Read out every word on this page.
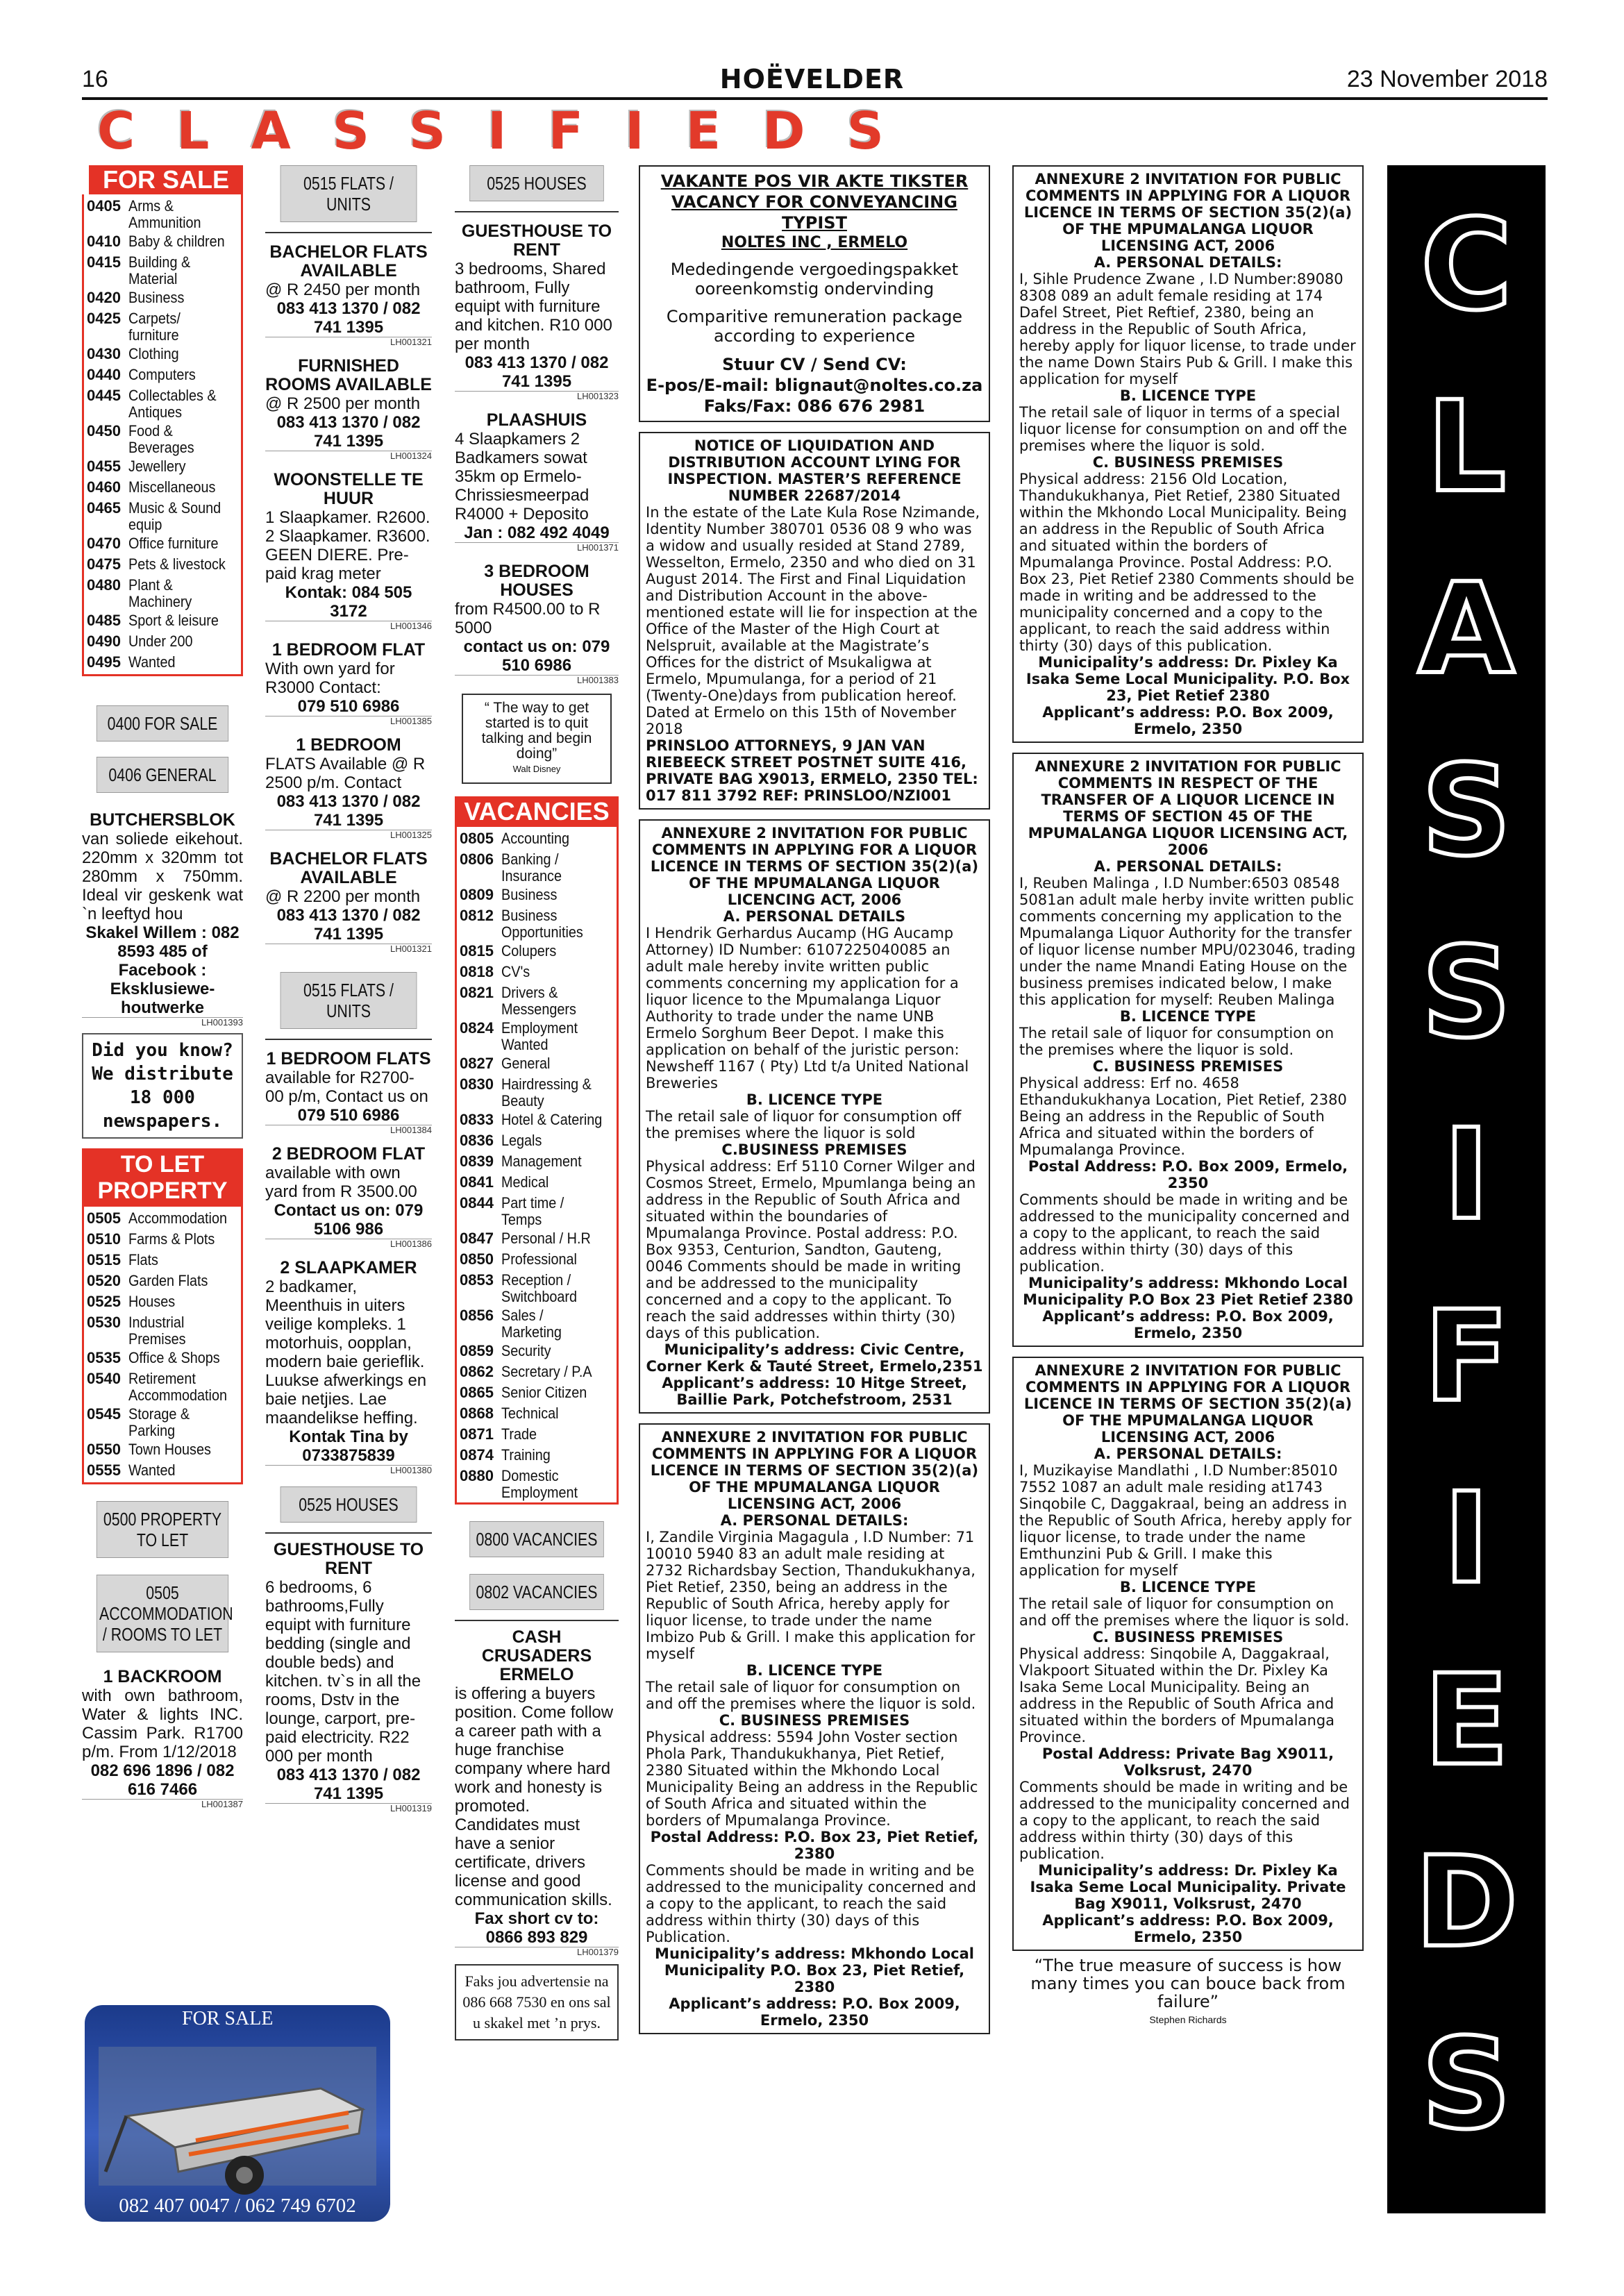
16	HOËVELDER	23 November 2018
CLASSIFIEDS
FOR SALE
0405 Arms & Ammunition
0410 Baby & children
0415 Building & Material
0420 Business
0425 Carpets/ furniture
0430 Clothing
0440 Computers
0445 Collectables & Antiques
0450 Food & Beverages
0455 Jewellery
0460 Miscellaneous
0465 Music & Sound equip
0470 Office furniture
0475 Pets & livestock
0480 Plant & Machinery
0485 Sport & leisure
0490 Under 200
0495 Wanted
0400 FOR SALE
0406 GENERAL
BUTCHERSBLOK
van soliede eikehout. 220mm x 320mm tot 280mm x 750mm. Ideal vir geskenk wat `n leeftyd hou
Skakel Willem : 082 8593 485 of Facebook : Eksklusiewe-houtwerke
LH001393
Did you know? We distribute 18 000 newspapers.
TO LET PROPERTY
0505 Accommodation
0510 Farms & Plots
0515 Flats
0520 Garden Flats
0525 Houses
0530 Industrial Premises
0535 Office & Shops
0540 Retirement Accommodation
0545 Storage & Parking
0550 Town Houses
0555 Wanted
0500 PROPERTY TO LET
0505 ACCOMMODATION / ROOMS TO LET
1 BACKROOM
with own bathroom, Water & lights INC. Cassim Park. R1700 p/m. From 1/12/2018
082 696 1896 / 082 616 7466
LH001387
FOR SALE
082 407 0047 / 062 749 6702
0515 FLATS / UNITS
BACHELOR FLATS AVAILABLE
@ R 2450 per month
083 413 1370 / 082 741 1395
LH001321
FURNISHED ROOMS AVAILABLE
@ R 2500 per month
083 413 1370 / 082 741 1395
LH001324
WOONSTELLE TE HUUR
1 Slaapkamer. R2600. 2 Slaapkamer. R3600. GEEN DIERE. Pre-paid krag meter
Kontak: 084 505 3172
LH001346
1 BEDROOM FLAT
With own yard for R3000 Contact:
079 510 6986
LH001385
1 BEDROOM
FLATS Available @ R 2500 p/m. Contact
083 413 1370 / 082 741 1395
LH001325
BACHELOR FLATS AVAILABLE
@ R 2200 per month
083 413 1370 / 082 741 1395
LH001321
0515 FLATS / UNITS
1 BEDROOM FLATS
available for R2700-00 p/m, Contact us on
079 510 6986
LH001384
2 BEDROOM FLAT
available with own yard from R 3500.00
Contact us on: 079 5106 986
LH001386
2 SLAAPKAMER
2 badkamer, Meenthuis in uiters veilige kompleks. 1 motorhuis, oopplan, modern baie gerieflik. Luukse afwerkings en baie netjies. Lae maandelikse heffing.
Kontak Tina by 0733875839
LH001380
0525 HOUSES
GUESTHOUSE TO RENT
6 bedrooms, 6 bathrooms,Fully equipt with furniture bedding (single and double beds) and kitchen. tv`s in all the rooms, Dstv in the lounge, carport, pre-paid electricity. R22 000 per month
083 413 1370 / 082 741 1395
LH001319
0525 HOUSES
GUESTHOUSE TO RENT
3 bedrooms, Shared bathroom, Fully equipt with furniture and kitchen. R10 000 per month
083 413 1370 / 082 741 1395
LH001323
PLAASHUIS
4 Slaapkamers 2 Badkamers sowat 35km op Ermelo-Chrissiesmeerpad R4000 + Deposito
Jan : 082 492 4049
LH001371
3 BEDROOM HOUSES
from R4500.00 to R 5000
contact us on: 079 510 6986
LH001383
“ The way to get started is to quit talking and begin doing”
Walt Disney
VACANCIES
0805 Accounting
0806 Banking / Insurance
0809 Business
0812 Business Opportunities
0815 Colupers
0818 CV's
0821 Drivers & Messengers
0824 Employment Wanted
0827 General
0830 Hairdressing & Beauty
0833 Hotel & Catering
0836 Legals
0839 Management
0841 Medical
0844 Part time / Temps
0847 Personal / H.R
0850 Professional
0853 Reception / Switchboard
0856 Sales / Marketing
0859 Security
0862 Secretary / P.A
0865 Senior Citizen
0868 Technical
0871 Trade
0874 Training
0880 Domestic Employment
0800 VACANCIES
0802 VACANCIES
CASH CRUSADERS ERMELO
is offering a buyers position. Come follow a career path with a huge franchise company where hard work and honesty is promoted. Candidates must have a senior certificate, drivers license and good communication skills.
Fax short cv to: 0866 893 829
LH001379
Faks jou advertensie na 086 668 7530 en ons sal u skakel met ’n prys.
VAKANTE POS VIR AKTE TIKSTER
VACANCY FOR CONVEYANCING TYPIST
NOLTES INC , ERMELO
Mededingende vergoedingspakket ooreenkomstig ondervinding
Comparitive remuneration package according to experience
Stuur CV / Send CV:
E-pos/E-mail: blignaut@noltes.co.za
Faks/Fax: 086 676 2981

NOTICE OF LIQUIDATION AND DISTRIBUTION ACCOUNT LYING FOR INSPECTION. MASTER’S REFERENCE NUMBER 22687/2014

In the estate of the Late Kula Rose Nzimande, Identity Number 380701 0536 08 9 who was a widow and usually resided at Stand 2789, Wesselton, Ermelo, 2350 and who died on 31 August 2014. The First and Final Liquidation and Distribution Account in the above-mentioned estate will lie for inspection at the Office of the Master of the High Court at Nelspruit, available at the Magistrate’s Offices for the district of Msukaligwa at Ermelo, Mpumulanga, for a period of 21 (Twenty-One)days from publication hereof.

Dated at Ermelo on this 15th of November 2018

PRINSLOO ATTORNEYS, 9 JAN VAN RIEBEECK STREET POSTNET SUITE 416, PRIVATE BAG X9013, ERMELO, 2350 TEL: 017 811 3792 REF: PRINSLOO/NZI001

ANNEXURE 2 INVITATION FOR PUBLIC COMMENTS IN APPLYING FOR A LIQUOR LICENCE IN TERMS OF SECTION 35(2)(a) OF THE MPUMALANGA LIQUOR LICENCING ACT, 2006

A. PERSONAL DETAILS

I Hendrik Gerhardus Aucamp (HG Aucamp Attorney) ID Number: 6107225040085 an adult male hereby invite written public comments concerning my application for a liquor licence to the Mpumalanga Liquor Authority to trade under the name UNB Ermelo Sorghum Beer Depot. I make this application on behalf of the juristic person: Newsheff 1167 ( Pty) Ltd t/a United National Breweries

B. LICENCE TYPE

The retail sale of liquor for consumption off the premises where the liquor is sold

C.BUSINESS PREMISES

Physical address: Erf 5110 Corner Wilger and Cosmos Street, Ermelo, Mpumlanga being an address in the Republic of South Africa and situated within the boundaries of Mpumalanga Province. Postal address: P.O. Box 9353, Centurion, Sandton, Gauteng, 0046 Comments should be made in writing and be addressed to the municipality concerned and a copy to the applicant. To reach the said addresses within thirty (30) days of this publication.

Municipality’s address: Civic Centre, Corner Kerk & Tauté Street, Ermelo,2351

Applicant’s address: 10 Hitge Street, Baillie Park, Potchefstroom, 2531

ANNEXURE 2 INVITATION FOR PUBLIC COMMENTS IN APPLYING FOR A LIQUOR LICENCE IN TERMS OF SECTION 35(2)(a) OF THE MPUMALANGA LIQUOR LICENSING ACT, 2006

A. PERSONAL DETAILS:

I, Zandile Virginia Magagula , I.D Number: 71 10010 5940 83 an adult male residing at 2732 Richardsbay Section, Thandukukhanya, Piet Retief, 2350, being an address in the Republic of South Africa, hereby apply for liquor license, to trade under the name Imbizo Pub & Grill. I make this application for myself

B. LICENCE TYPE

The retail sale of liquor for consumption on and off the premises where the liquor is sold.

C. BUSINESS PREMISES

Physical address: 5594 John Voster section Phola Park, Thandukukhanya, Piet Retief, 2380 Situated within the Mkhondo Local Municipality Being an address in the Republic of South Africa and situated within the borders of Mpumalanga Province.

Postal Address: P.O. Box 23, Piet Retief, 2380

Comments should be made in writing and be addressed to the municipality concerned and a copy to the applicant, to reach the said address within thirty (30) days of this Publication.

Municipality’s address: Mkhondo Local Municipality P.O. Box 23, Piet Retief, 2380

Applicant’s address: P.O. Box 2009, Ermelo, 2350

ANNEXURE 2 INVITATION FOR PUBLIC COMMENTS IN APPLYING FOR A LIQUOR LICENCE IN TERMS OF SECTION 35(2)(a) OF THE MPUMALANGA LIQUOR LICENSING ACT, 2006

A. PERSONAL DETAILS:

I, Sihle Prudence Zwane , I.D Number:89080 8308 089 an adult female residing at 174 Dafel Street, Piet Reftief, 2380, being an address in the Republic of South Africa, hereby apply for liquor license, to trade under the name Down Stairs Pub & Grill. I make this application for myself

B. LICENCE TYPE

The retail sale of liquor in terms of a special liquor license for consumption on and off the premises where the liquor is sold.

C. BUSINESS PREMISES

Physical address: 2156 Old Location, Thandukukhanya, Piet Retief, 2380 Situated within the Mkhondo Local Municipality. Being an address in the Republic of South Africa and situated within the borders of Mpumalanga Province. Postal Address: P.O. Box 23, Piet Retief 2380 Comments should be made in writing and be addressed to the municipality concerned and a copy to the applicant, to reach the said address within thirty (30) days of this publication.

Municipality’s address: Dr. Pixley Ka Isaka Seme Local Municipality. P.O. Box 23, Piet Retief 2380

Applicant’s address: P.O. Box 2009, Ermelo, 2350

ANNEXURE 2 INVITATION FOR PUBLIC COMMENTS IN RESPECT OF THE TRANSFER OF A LIQUOR LICENCE IN TERMS OF SECTION 45 OF THE MPUMALANGA LIQUOR LICENSING ACT, 2006

A. PERSONAL DETAILS:

I, Reuben Malinga , I.D Number:6503 08548 5081an adult male herby invite written public comments concerning my application to the Mpumalanga Liquor Authority for the transfer of liquor license number MPU/023046, trading under the name Mnandi Eating House on the business premises indicated below, I make this application for myself: Reuben Malinga

B. LICENCE TYPE

The retail sale of liquor for consumption on the premises where the liquor is sold.

C. BUSINESS PREMISES

Physical address: Erf no. 4658 Ethandukukhanya Location, Piet Retief, 2380 Being an address in the Republic of South Africa and situated within the borders of Mpumalanga Province.

Postal Address: P.O. Box 2009, Ermelo, 2350

Comments should be made in writing and be addressed to the municipality concerned and a copy to the applicant, to reach the said address within thirty (30) days of this publication.

Municipality’s address: Mkhondo Local Municipality P.O Box 23 Piet Retief 2380

Applicant’s address: P.O. Box 2009, Ermelo, 2350

ANNEXURE 2 INVITATION FOR PUBLIC COMMENTS IN APPLYING FOR A LIQUOR LICENCE IN TERMS OF SECTION 35(2)(a) OF THE MPUMALANGA LIQUOR LICENSING ACT, 2006

A. PERSONAL DETAILS:

I, Muzikayise Mandlathi , I.D Number:85010 7552 1087 an adult male residing at1743 Sinqobile C, Daggakraal, being an address in the Republic of South Africa, hereby apply for liquor license, to trade under the name Emthunzini Pub & Grill. I make this application for myself

B. LICENCE TYPE

The retail sale of liquor for consumption on and off the premises where the liquor is sold.

C. BUSINESS PREMISES

Physical address: Sinqobile A, Daggakraal, Vlakpoort Situated within the Dr. Pixley Ka Isaka Seme Local Municipality. Being an address in the Republic of South Africa and situated within the borders of Mpumalanga Province.

Postal Address: Private Bag X9011, Volksrust, 2470

Comments should be made in writing and be addressed to the municipality concerned and a copy to the applicant, to reach the said address within thirty (30) days of this publication.

Municipality’s address: Dr. Pixley Ka Isaka Seme Local Municipality. Private Bag X9011, Volksrust, 2470

Applicant’s address: P.O. Box 2009, Ermelo, 2350

“The true measure of success is how many times you can bouce back from failure”
Stephen Richards
C
L
A
S
S
I
F
I
E
D
S
